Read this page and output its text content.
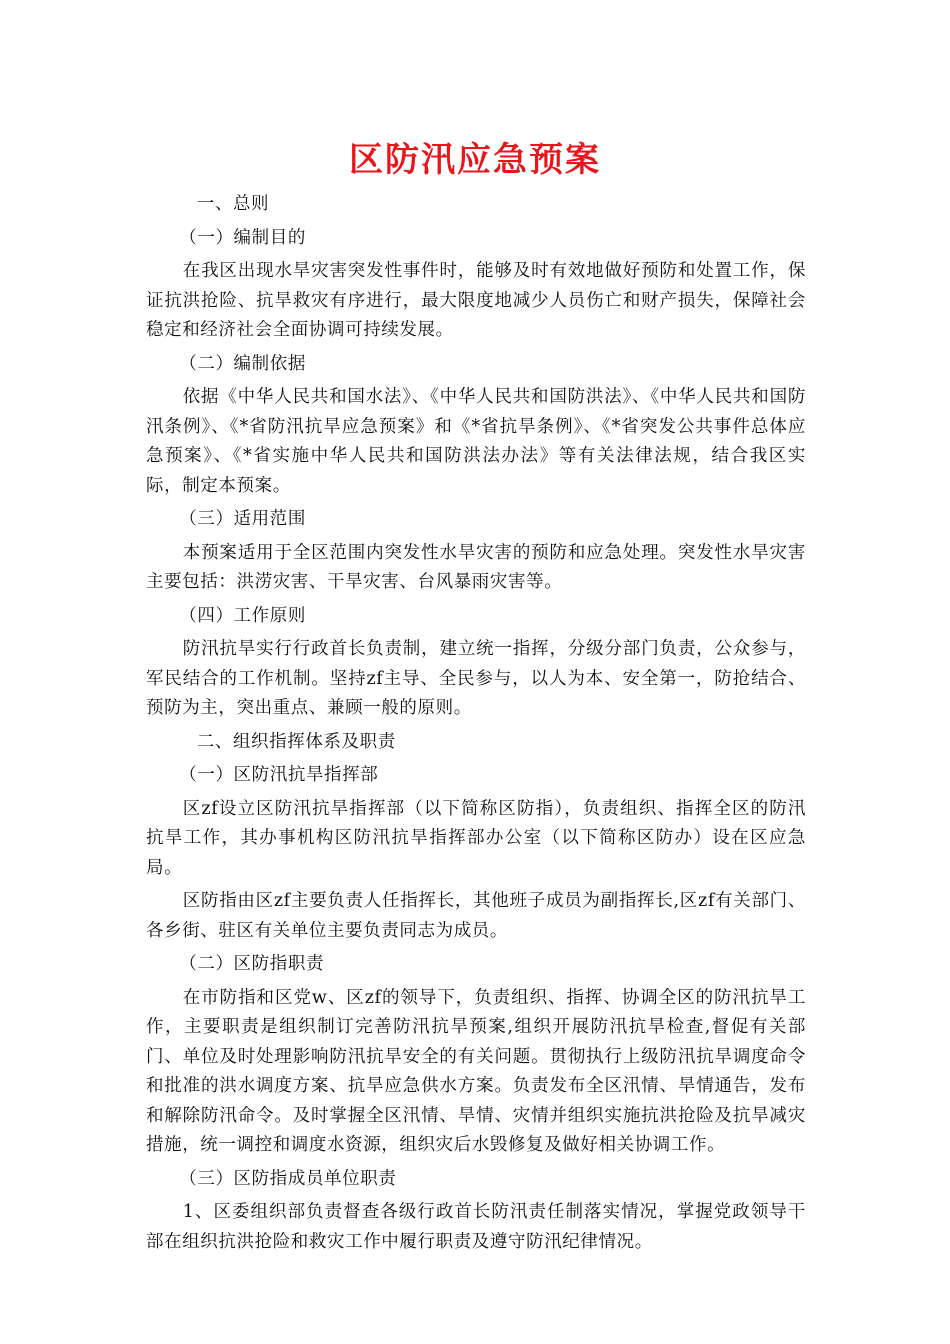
区防汛应急预案

一、总则

（一）编制目的

在我区出现水旱灾害突发性事件时，能够及时有效地做好预防和处置工作，保证抗洪抢险、抗旱救灾有序进行，最大限度地减少人员伤亡和财产损失，保障社会稳定和经济社会全面协调可持续发展。

（二）编制依据

依据《中华人民共和国水法》、《中华人民共和国防洪法》、《中华人民共和国防汛条例》、《*省防汛抗旱应急预案》和《*省抗旱条例》、《*省突发公共事件总体应急预案》、《*省实施中华人民共和国防洪法办法》等有关法律法规，结合我区实际，制定本预案。

（三）适用范围

本预案适用于全区范围内突发性水旱灾害的预防和应急处理。突发性水旱灾害主要包括：洪涝灾害、干旱灾害、台风暴雨灾害等。

（四）工作原则

防汛抗旱实行行政首长负责制，建立统一指挥，分级分部门负责，公众参与，军民结合的工作机制。坚持zf主导、全民参与，以人为本、安全第一，防抢结合、预防为主，突出重点、兼顾一般的原则。

二、组织指挥体系及职责

（一）区防汛抗旱指挥部

区zf设立区防汛抗旱指挥部（以下简称区防指），负责组织、指挥全区的防汛抗旱工作，其办事机构区防汛抗旱指挥部办公室（以下简称区防办）设在区应急局。

区防指由区zf主要负责人任指挥长，其他班子成员为副指挥长,区zf有关部门、各乡街、驻区有关单位主要负责同志为成员。

（二）区防指职责

在市防指和区党w、区zf的领导下，负责组织、指挥、协调全区的防汛抗旱工作，主要职责是组织制订完善防汛抗旱预案,组织开展防汛抗旱检查,督促有关部门、单位及时处理影响防汛抗旱安全的有关问题。贯彻执行上级防汛抗旱调度命令和批准的洪水调度方案、抗旱应急供水方案。负责发布全区汛情、旱情通告，发布和解除防汛命令。及时掌握全区汛情、旱情、灾情并组织实施抗洪抢险及抗旱减灾措施，统一调控和调度水资源，组织灾后水毁修复及做好相关协调工作。

（三）区防指成员单位职责

1、区委组织部负责督查各级行政首长防汛责任制落实情况，掌握党政领导干部在组织抗洪抢险和救灾工作中履行职责及遵守防汛纪律情况。
